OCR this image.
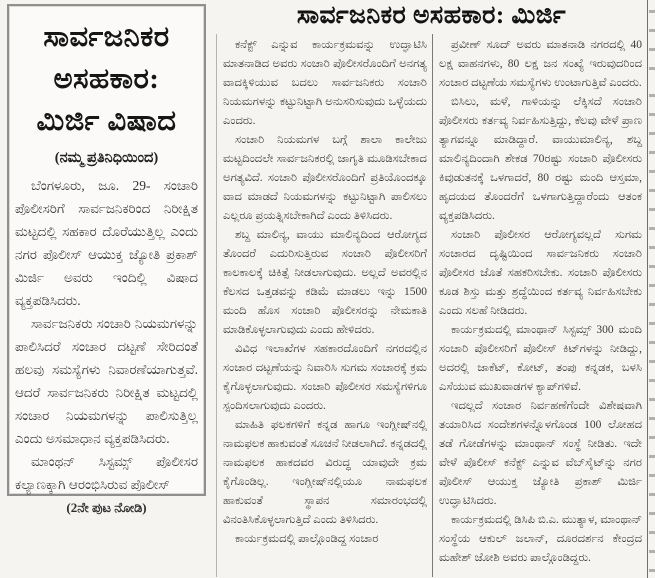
ಸಾರ್ವಜನಿಕರ
ಅಸಹಕಾರ:
ಮಿರ್ಜಿ ವಿಷಾದ
(ನಮ್ಮ ಪ್ರತಿನಿಧಿಯಿಂದ)

ಬೆಂಗಳೂರು, ಜೂ. 29- ಸಂಚಾರಿ ಪೊಲೀಸರಿಗೆ ಸಾರ್ವಜನಿಕರಿಂದ ನಿರೀಕ್ಷಿತ ಮಟ್ಟದಲ್ಲಿ ಸಹಕಾರ ದೊರೆಯುತ್ತಿಲ್ಲ ಎಂದು ನಗರ ಪೊಲೀಸ್ ಆಯುಕ್ತ ಜ್ಯೋತಿ ಪ್ರಕಾಶ್ ಮಿರ್ಜಿ ಅವರು ಇಂದಿಲ್ಲಿ ವಿಷಾದ ವ್ಯಕ್ತಪಡಿಸಿದರು.

ಸಾರ್ವಜನಿಕರು ಸಂಚಾರಿ ನಿಯಮಗಳನ್ನು ಪಾಲಿಸಿದರೆ ಸಂಚಾರ ದಟ್ಟಣೆ ಸೇರಿದಂತೆ ಹಲವು ಸಮಸ್ಯೆಗಳು ನಿವಾರಣೆಯಾಗುತ್ತವೆ. ಆದರೆ ಸಾರ್ವಜನಿಕರು ನಿರೀಕ್ಷಿತ ಮಟ್ಟದಲ್ಲಿ ಸಂಚಾರ ನಿಯಮಗಳನ್ನು ಪಾಲಿಸುತ್ತಿಲ್ಲ ಎಂದು ಅಸಮಾಧಾನ ವ್ಯಕ್ತಪಡಿಸಿದರು.

ಮಾಂಥನ್ ಸಿಸ್ಟಮ್ಸ್ ಪೊಲೀಸರ ಕಲ್ಯಾಣಕ್ಕಾಗಿ ಆರಂಭಿಸಿರುವ ಪೊಲೀಸ್

(2ನೇ ಪುಟ ನೋಡಿ)
ಸಾರ್ವಜನಿಕರ ಅಸಹಕಾರ: ಮಿರ್ಜಿ

ಕನೆಕ್ಟ್ ಎನ್ನುವ ಕಾರ್ಯಕ್ರಮವನ್ನು ಉದ್ಘಾಟಿಸಿ ಮಾತನಾಡಿದ ಅವರು ಸಂಚಾರಿ ಪೊಲೀಸರೊಂದಿಗೆ ಅನಗತ್ಯ ವಾದಕ್ಕಿಳಿಯುವ ಬದಲು ಸಾರ್ವಜನಿಕರು ಸಂಚಾರಿ ನಿಯಮಗಳನ್ನು ಕಟ್ಟುನಿಟ್ಟಾಗಿ ಅನುಸರಿಸುವುದು ಒಳ್ಳೆಯದು ಎಂದರು.

ಸಂಚಾರಿ ನಿಯಮಗಳ ಬಗ್ಗೆ ಶಾಲಾ ಕಾಲೇಜು ಮಟ್ಟದಿಂದಲೇ ಸಾರ್ವಜನಿಕರಲ್ಲಿ ಜಾಗೃತಿ ಮೂಡಿಸಬೇಕಾದ ಅಗತ್ಯವಿದೆ. ಸಂಚಾರಿ ಪೊಲೀಸರೊಂದಿಗೆ ಪ್ರತಿಯೊಂದಕ್ಕೂ ವಾದ ಮಾಡದೆ ನಿಯಮಗಳನ್ನು ಕಟ್ಟುನಿಟ್ಟಾಗಿ ಪಾಲಿಸಲು ಎಲ್ಲರೂ ಪ್ರಯತ್ನಿಸಬೇಕಾಗಿದೆ ಎಂದು ತಿಳಿಸಿದರು.

ಶಬ್ದ ಮಾಲಿನ್ಯ, ವಾಯು ಮಾಲಿನ್ಯದಿಂದ ಆರೋಗ್ಯದ ತೊಂದರೆ ಎದುರಿಸುತ್ತಿರುವ ಸಂಚಾರಿ ಪೊಲೀಸರಿಗೆ ಕಾಲಕಾಲಕ್ಕೆ ಚಿಕಿತ್ಸೆ ನೀಡಲಾಗುವುದು. ಅಲ್ಲದೆ ಅವರಲ್ಲಿನ ಕೆಲಸದ ಒತ್ತಡವನ್ನು ಕಡಿಮೆ ಮಾಡಲು ಇನ್ನು 1500 ಮಂದಿ ಹೊಸ ಸಂಚಾರಿ ಪೊಲೀಸರನ್ನು ನೇಮಕಾತಿ ಮಾಡಿಕೊಳ್ಳಲಾಗುವುದು ಎಂದು ಹೇಳಿದರು.

ವಿವಿಧ ಇಲಾಖೆಗಳ ಸಹಕಾರದೊಂದಿಗೆ ನಗರದಲ್ಲಿನ ಸಂಚಾರ ದಟ್ಟಣೆಯನ್ನು ನಿವಾರಿಸಿ ಸುಗಮ ಸಂಚಾರಕ್ಕೆ ಕ್ರಮ ಕೈಗೊಳ್ಳಲಾಗುವುದು. ಸಂಚಾರಿ ಪೊಲೀಸರ ಸಮಸ್ಯೆಗಳಿಗೂ ಸ್ಪಂದಿಸಲಾಗುವುದು ಎಂದರು.

ಮಾಹಿತಿ ಫಲಕಗಳಿಗೆ ಕನ್ನಡ ಹಾಗೂ ಇಂಗ್ಲೀಷ್‌ನಲ್ಲಿ ನಾಮಫಲಕ ಹಾಕುವಂತೆ ಸೂಚನೆ ನೀಡಲಾಗಿದೆ. ಕನ್ನಡದಲ್ಲಿ ನಾಮಫಲಕ ಹಾಕದವರ ವಿರುದ್ಧ ಯಾವುದೇ ಕ್ರಮ ಕೈಗೊಂಡಿಲ್ಲ. ಇಂಗ್ಲೀಷ್‌ನಲ್ಲಿಯೂ ನಾಮಫಲಕ ಹಾಕುವಂತೆ ಸ್ಥಾಪನ ಸಮಾರಂಭದಲ್ಲಿ ವಿನಂತಿಸಿಕೊಳ್ಳಲಾಗುತ್ತಿದೆ ಎಂದು ತಿಳಿಸಿದರು.

ಕಾರ್ಯಕ್ರಮದಲ್ಲಿ ಪಾಲ್ಗೊಂಡಿದ್ದ ಸಂಚಾರ

ಪ್ರವೀಣ್ ಸೂದ್ ಅವರು ಮಾತನಾಡಿ ನಗರದಲ್ಲಿ 40 ಲಕ್ಷ ವಾಹನಗಳು, 80 ಲಕ್ಷ ಜನ ಸಂಖ್ಯೆ ಇರುವುದರಿಂದ ಸಂಚಾರ ದಟ್ಟಣೆಯ ಸಮಸ್ಯೆಗಳು ಉಂಟಾಗುತ್ತಿವೆ ಎಂದರು.

ಬಿಸಿಲು, ಮಳೆ, ಗಾಳಿಯನ್ನು ಲೆಕ್ಕಿಸದೆ ಸಂಚಾರಿ ಪೊಲೀಸರು ಕರ್ತವ್ಯ ನಿರ್ವಹಿಸುತ್ತಿದ್ದು, ಕೆಲವು ವೇಳೆ ಪ್ರಾಣ ತ್ಯಾಗವನ್ನೂ ಮಾಡಿದ್ದಾರೆ. ವಾಯುಮಾಲಿನ್ಯ, ಶಬ್ದ ಮಾಲಿನ್ಯದಿಂದಾಗಿ ಶೇಕಡ 70ರಷ್ಟು ಸಂಚಾರಿ ಪೊಲೀಸರು ಕಿವುಡುತನಕ್ಕೆ ಒಳಗಾದರೆ, 80 ರಷ್ಟು ಮಂದಿ ಆಸ್ತಮಾ, ಹೃದಯದ ತೊಂದರೆಗೆ ಒಳಗಾಗುತ್ತಿದ್ದಾರೆಂದು ಆತಂಕ ವ್ಯಕ್ತಪಡಿಸಿದರು.

ಸಂಚಾರಿ ಪೊಲೀಸರ ಆರೋಗ್ಯವಲ್ಲದೆ ಸುಗಮ ಸಂಚಾರದ ದೃಷ್ಟಿಯಿಂದ ಸಾರ್ವಜನಿಕರು ಸಂಚಾರಿ ಪೊಲೀಸರ ಜೊತೆ ಸಹಕರಿಸಬೇಕು. ಸಂಚಾರಿ ಪೊಲೀಸರು ಕೂಡ ಶಿಸ್ತು ಮತ್ತು ಶ್ರದ್ಧೆಯಿಂದ ಕರ್ತವ್ಯ ನಿರ್ವಹಿಸಬೇಕು ಎಂದು ಸಲಹೆ ನೀಡಿದರು.

ಕಾರ್ಯಕ್ರಮದಲ್ಲಿ ಮಾಂಥಾನ್ ಸಿಸ್ಟಮ್ಸ್ 300 ಮಂದಿ ಸಂಚಾರಿ ಪೊಲೀಸರಿಗೆ ಪೊಲೀಸ್ ಕಿಟ್‌ಗಳನ್ನು ನೀಡಿದ್ದು, ಅದರಲ್ಲಿ ಜಾಕೆಟ್, ಕೋಟ್, ತಂಪು ಕನ್ನಡಕ, ಬಳಸಿ ಎಸೆಯುವ ಮುಖವಾಡಗಳ ಕ್ಯಾಪ್‌ಗಳಿವೆ.

ಇದಲ್ಲದೆ ಸಂಚಾರ ನಿರ್ವಹಣೆಗೆಂದೇ ವಿಶೇಷವಾಗಿ ತಯಾರಿಸಿದ ಸಂದೇಶಗಳನ್ನೊಳಗೊಂಡ 100 ಲೋಹದ ತಡೆ ಗೋಡೆಗಳನ್ನು ಮಾಂಥಾನ್ ಸಂಸ್ಥೆ ನೀಡಿತು. ಇದೇ ವೇಳೆ ಪೊಲೀಸ್ ಕನೆಕ್ಟ್ ಎನ್ನುವ ವೆಬ್‌ಸೈಟ್‌ನ್ನು ನಗರ ಪೊಲೀಸ್ ಆಯುಕ್ತ ಜ್ಯೋತಿ ಪ್ರಕಾಶ್ ಮಿರ್ಜಿ ಉದ್ಘಾಟಿಸಿದರು.

ಕಾರ್ಯಕ್ರಮದಲ್ಲಿ ಡಿಸಿಪಿ ಬಿ.ಎ. ಮುತ್ಯಾಳ, ಮಾಂಥಾನ್ ಸಂಸ್ಥೆಯ ಆಕುಲ್ ಜಲಾನ್, ದೂರದರ್ಶನ ಕೇಂದ್ರದ ಮಹೇಶ್ ಜೋಶಿ ಅವರು ಪಾಲ್ಗೊಂಡಿದ್ದರು.
